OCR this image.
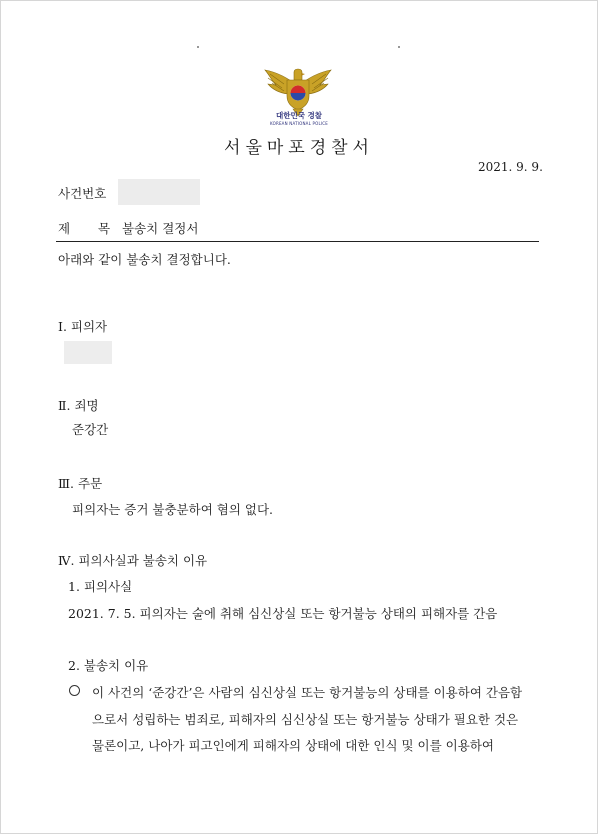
대한민국 경찰
KOREAN NATIONAL POLICE
서울마포경찰서
2021. 9. 9.
사건번호
제 목 불송치 결정서
아래와 같이 불송치 결정합니다.
Ⅰ. 피의자
Ⅱ. 죄명
준강간
Ⅲ. 주문
피의자는 증거 불충분하여 혐의 없다.
Ⅳ. 피의사실과 불송치 이유
1. 피의사실
2021. 7. 5. 피의자는 술에 취해 심신상실 또는 항거불능 상태의 피해자를 간음
2. 불송치 이유
이 사건의 ‘준강간’은 사람의 심신상실 또는 항거불능의 상태를 이용하여 간음함
으로서 성립하는 범죄로, 피해자의 심신상실 또는 항거불능 상태가 필요한 것은
물론이고, 나아가 피고인에게 피해자의 상태에 대한 인식 및 이를 이용하여
